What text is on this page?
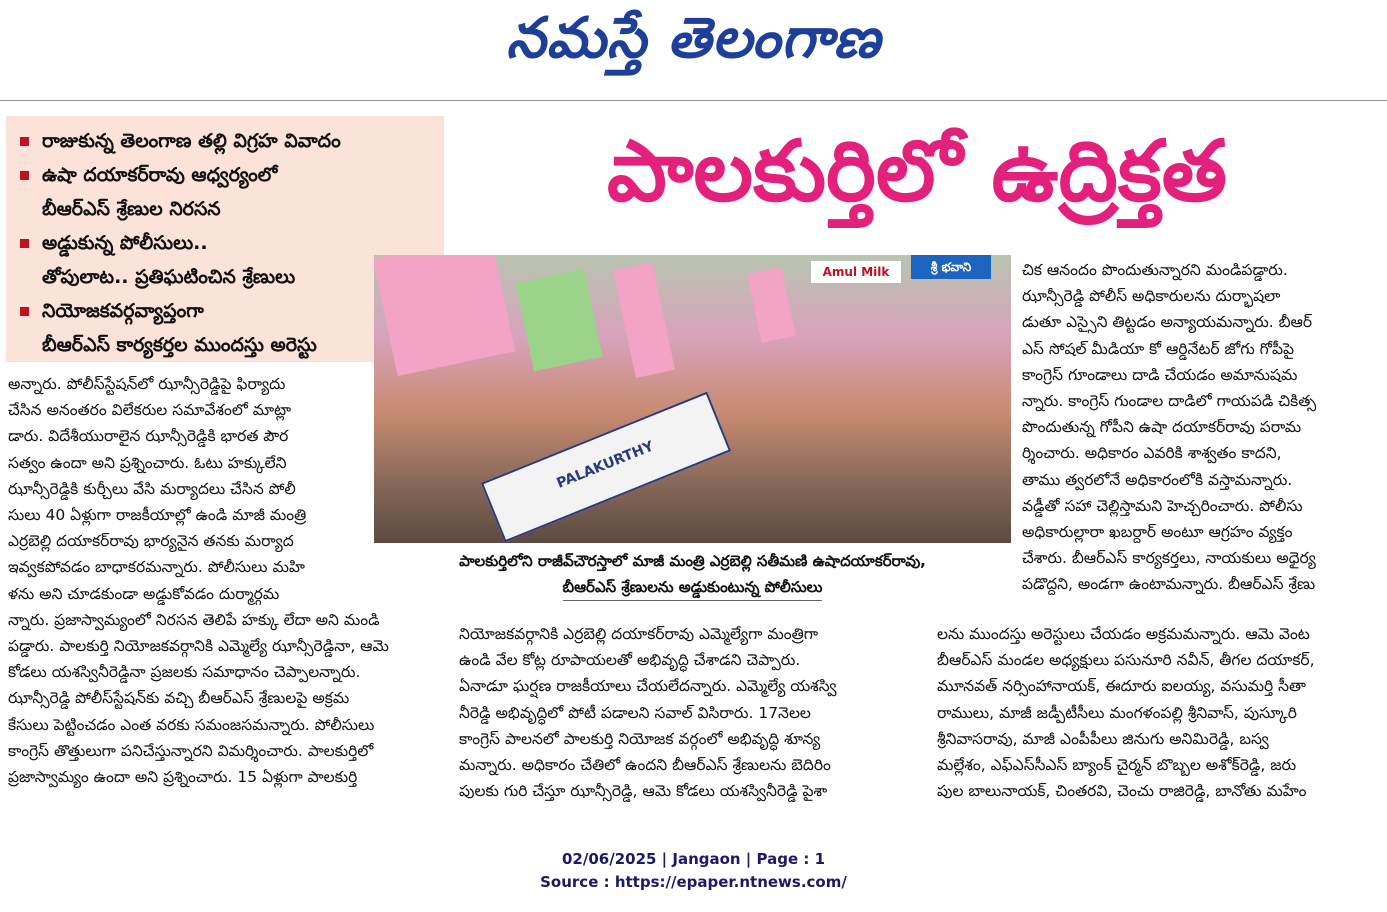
నమస్తే తెలంగాణ
రాజుకున్న తెలంగాణ తల్లి విగ్రహ వివాదం
ఉషా దయాకర్‌రావు ఆధ్వర్యంలో
బీఆర్‌ఎస్‌ శ్రేణుల నిరసన
అడ్డుకున్న పోలీసులు..
తోపులాట.. ప్రతిఘటించిన శ్రేణులు
నియోజకవర్గవ్యాప్తంగా
బీఆర్‌ఎస్‌ కార్యకర్తల ముందస్తు అరెస్టు
పాలకుర్తిలో ఉద్రిక్తత
Amul Milk	శ్రీ భవాని
PALAKURTHY
పాలకుర్తిలోని రాజీవ్‌చౌరస్తాలో మాజీ మంత్రి ఎర్రబెల్లి సతీమణి ఉషాదయాకర్‌రావు,
బీఆర్‌ఎస్‌ శ్రేణులను అడ్డుకుంటున్న పోలీసులు
అన్నారు. పోలీస్‌స్టేషన్‌లో ఝాన్సీరెడ్డిపై ఫిర్యాదు
చేసిన అనంతరం విలేకరుల సమావేశంలో మాట్లా
డారు. విదేశీయురాలైన ఝాన్సీరెడ్డికి భారత పౌర
సత్వం ఉందా అని ప్రశ్నించారు. ఓటు హక్కులేని
ఝాన్సీరెడ్డికి కుర్చీలు వేసి మర్యాదలు చేసిన పోలీ
సులు 40 ఏళ్లుగా రాజకీయాల్లో ఉండి మాజీ మంత్రి
ఎర్రబెల్లి దయాకర్‌రావు భార్యనైన తనకు మర్యాద
ఇవ్వకపోవడం బాధాకరమన్నారు. పోలీసులు మహి
ళను అని చూడకుండా అడ్డుకోవడం దుర్మార్గమ
న్నారు. ప్రజాస్వామ్యంలో నిరసన తెలిపే హక్కు లేదా అని మండి
పడ్డారు. పాలకుర్తి నియోజకవర్గానికి ఎమ్మెల్యే ఝాన్సీరెడ్డినా, ఆమె
కోడలు యశస్వినీరెడ్డినా ప్రజలకు సమాధానం చెప్పాలన్నారు.
ఝాన్సీరెడ్డి పోలీస్‌స్టేషన్‌కు వచ్చి బీఆర్‌ఎస్‌ శ్రేణులపై అక్రమ
కేసులు పెట్టించడం ఎంత వరకు సమంజసమన్నారు. పోలీసులు
కాంగ్రెస్‌ తొత్తులుగా పనిచేస్తున్నారని విమర్శించారు. పాలకుర్తిలో
ప్రజాస్వామ్యం ఉందా అని ప్రశ్నించారు. 15 ఏళ్లుగా పాలకుర్తి
నియోజకవర్గానికి ఎర్రబెల్లి దయాకర్‌రావు ఎమ్మెల్యేగా మంత్రిగా
ఉండి వేల కోట్ల రూపాయలతో అభివృద్ధి చేశాడని చెప్పారు.
ఏనాడూ ఘర్షణ రాజకీయాలు చేయలేదన్నారు. ఎమ్మెల్యే యశస్వి
నీరెడ్డి అభివృద్ధిలో పోటీ పడాలని సవాల్‌ విసిరారు. 17నెలల
కాంగ్రెస్‌ పాలనలో పాలకుర్తి నియోజక వర్గంలో అభివృద్ధి శూన్య
మన్నారు. అధికారం చేతిలో ఉందని బీఆర్‌ఎస్‌ శ్రేణులను బెదిరిం
పులకు గురి చేస్తూ ఝాన్సీరెడ్డి, ఆమె కోడలు యశస్వినీరెడ్డి పైశా
చిక ఆనందం పొందుతున్నారని మండిపడ్డారు.
ఝాన్సీరెడ్డి పోలీస్‌ అధికారులను దుర్భాషలా
డుతూ ఎస్సైని తిట్టడం అన్యాయమన్నారు. బీఆర్‌
ఎస్‌ సోషల్‌ మీడియా కో ఆర్డినేటర్‌ జోగు గోపీపై
కాంగ్రెస్‌ గూండాలు దాడి చేయడం అమానుషమ
న్నారు. కాంగ్రెస్‌ గుండాల దాడిలో గాయపడి చికిత్స
పొందుతున్న గోపీని ఉషా దయాకర్‌రావు పరామ
ర్శించారు. అధికారం ఎవరికి శాశ్వతం కాదని,
తాము త్వరలోనే అధికారంలోకి వస్తామన్నారు.
వడ్డీతో సహా చెల్లిస్తామని హెచ్చరించారు. పోలీసు
అధికారుల్లారా ఖబర్దార్‌ అంటూ ఆగ్రహం వ్యక్తం
చేశారు. బీఆర్‌ఎస్‌ కార్యకర్తలు, నాయకులు అధైర్య
పడొద్దని, అండగా ఉంటామన్నారు. బీఆర్‌ఎస్‌ శ్రేణు
లను ముందస్తు అరెస్టులు చేయడం అక్రమమన్నారు. ఆమె వెంట
బీఆర్‌ఎస్‌ మండల అధ్యక్షులు పసునూరి నవీన్‌, తీగల దయాకర్‌,
మూనవత్‌ నర్సింహానాయక్‌, ఈదూరు ఐలయ్య, వసుమర్తి సీతా
రాములు, మాజీ జడ్పీటీసీలు మంగళంపల్లి శ్రీనివాస్‌, పుస్కూరి
శ్రీనివాసరావు, మాజీ ఎంపీపీలు జినుగు అనిమిరెడ్డి, బస్వ
మల్లేశం, ఎఫ్‌ఎస్‌సీఎస్‌ బ్యాంక్‌ చైర్మన్‌ బొబ్బల అశోక్‌రెడ్డి, జరు
పుల బాలునాయక్‌, చింతరవి, చెంచు రాజిరెడ్డి, బానోతు మహేం
02/06/2025 | Jangaon | Page : 1
Source : https://epaper.ntnews.com/
